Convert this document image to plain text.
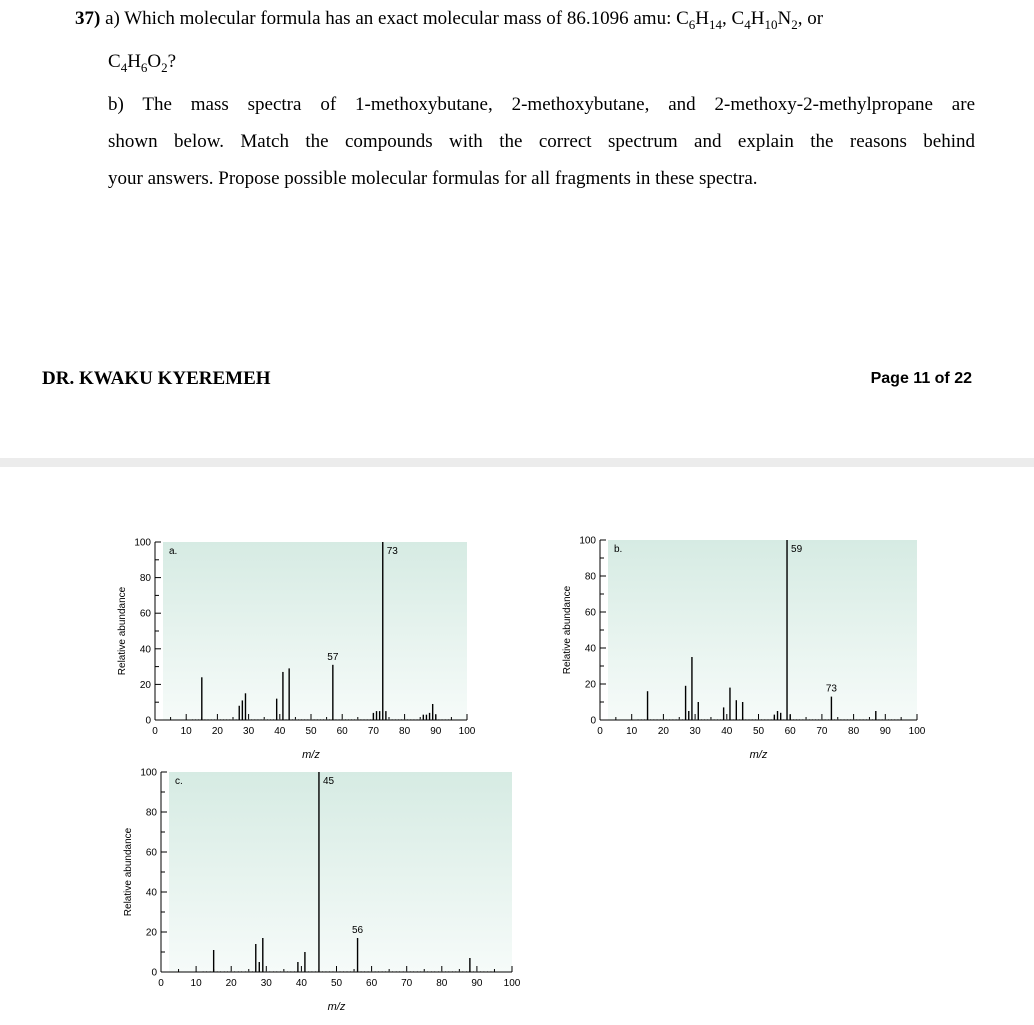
37) a) Which molecular formula has an exact molecular mass of 86.1096 amu: $C_6H_{14}$, $C_4H_{10}N_2$, or
$C_4H_6O_2$?
b) The mass spectra of 1-methoxybutane, 2-methoxybutane, and 2-methoxy-2-methylpropane are
shown below. Match the compounds with the correct spectrum and explain the reasons behind
your answers. Propose possible molecular formulas for all fragments in these spectra.
DR. KWAKU KYEREMEH	Page 11 of 22
0
20
40
60
80
100
0 10 20 30 40 50 60 70 80 90 100
73
57
a.
m/z
Relative abundance
0
20
40
60
80
100
0 10 20 30 40 50 60 70 80 90 100
59
73
b.
m/z
Relative abundance
0
20
40
60
80
100
0	10 20 30 40 50 60 70 80 90 100
45
56
c.
m/z
Relative abundance
